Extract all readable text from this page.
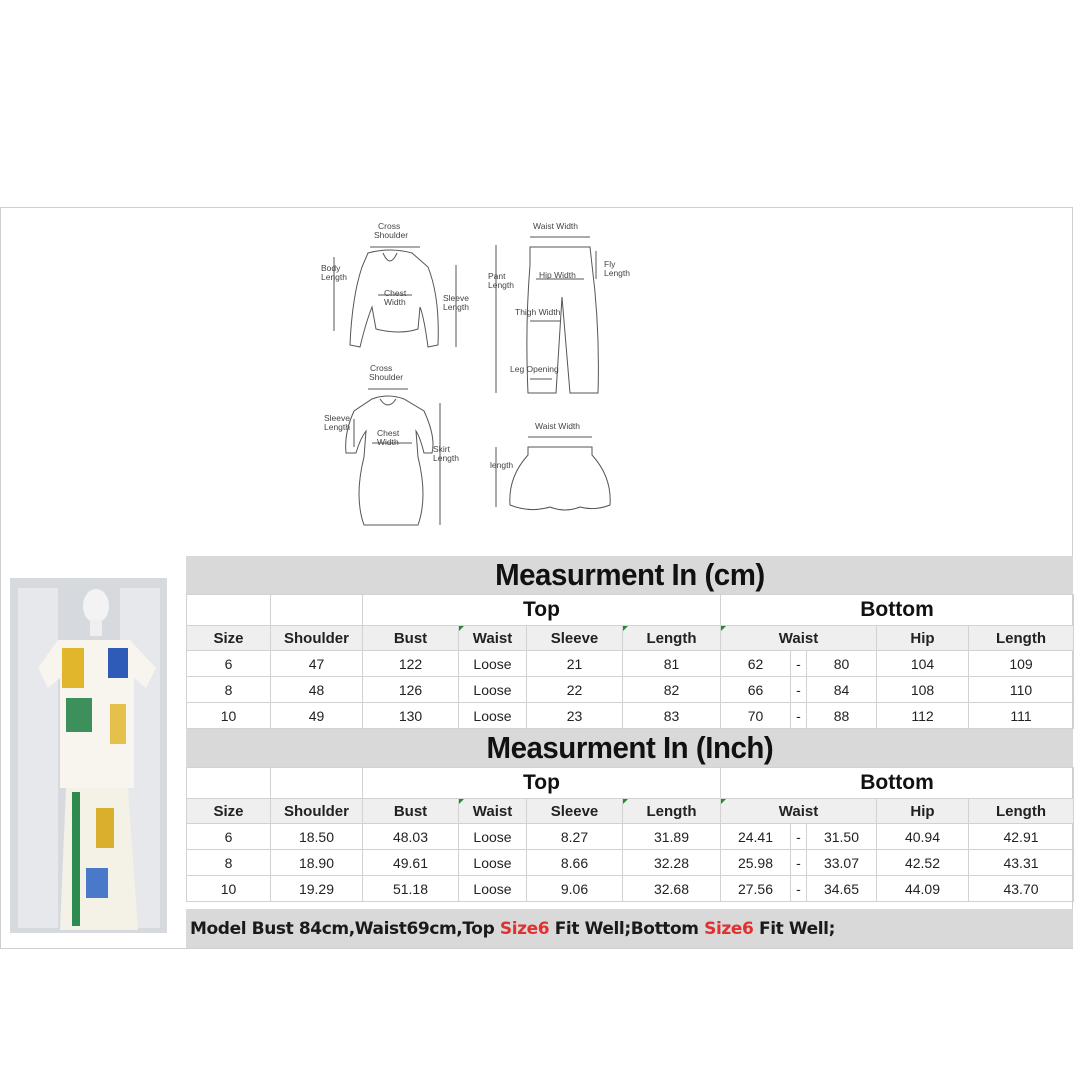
Cross
Shoulder
Body
Length
Chest
Width	Sleeve
Length
Waist Width
Pant
Length
Hip Width
Fly
Length
Thigh Width
Leg Opening
Cross
Shoulder
Sleeve
Length
Chest
Width
Skirt
Length
Waist Width
length
Measurment In (cm)
		Top				Bottom				
Size	Shoulder	Bust	Waist	Sleeve	Length	Waist			Hip	Length
6	47	122	Loose	21	81	62	-	80	104	109
8	48	126	Loose	22	82	66	-	84	108	110
10	49	130	Loose	23	83	70	-	88	112	111
Measurment In (Inch)
		Top				Bottom				
Size	Shoulder	Bust	Waist	Sleeve	Length	Waist			Hip	Length
6	18.50	48.03	Loose	8.27	31.89	24.41	-	31.50	40.94	42.91
8	18.90	49.61	Loose	8.66	32.28	25.98	-	33.07	42.52	43.31
10	19.29	51.18	Loose	9.06	32.68	27.56	-	34.65	44.09	43.70
Model Bust 84cm,Waist69cm,Top Size6 Fit Well;Bottom Size6 Fit Well;
